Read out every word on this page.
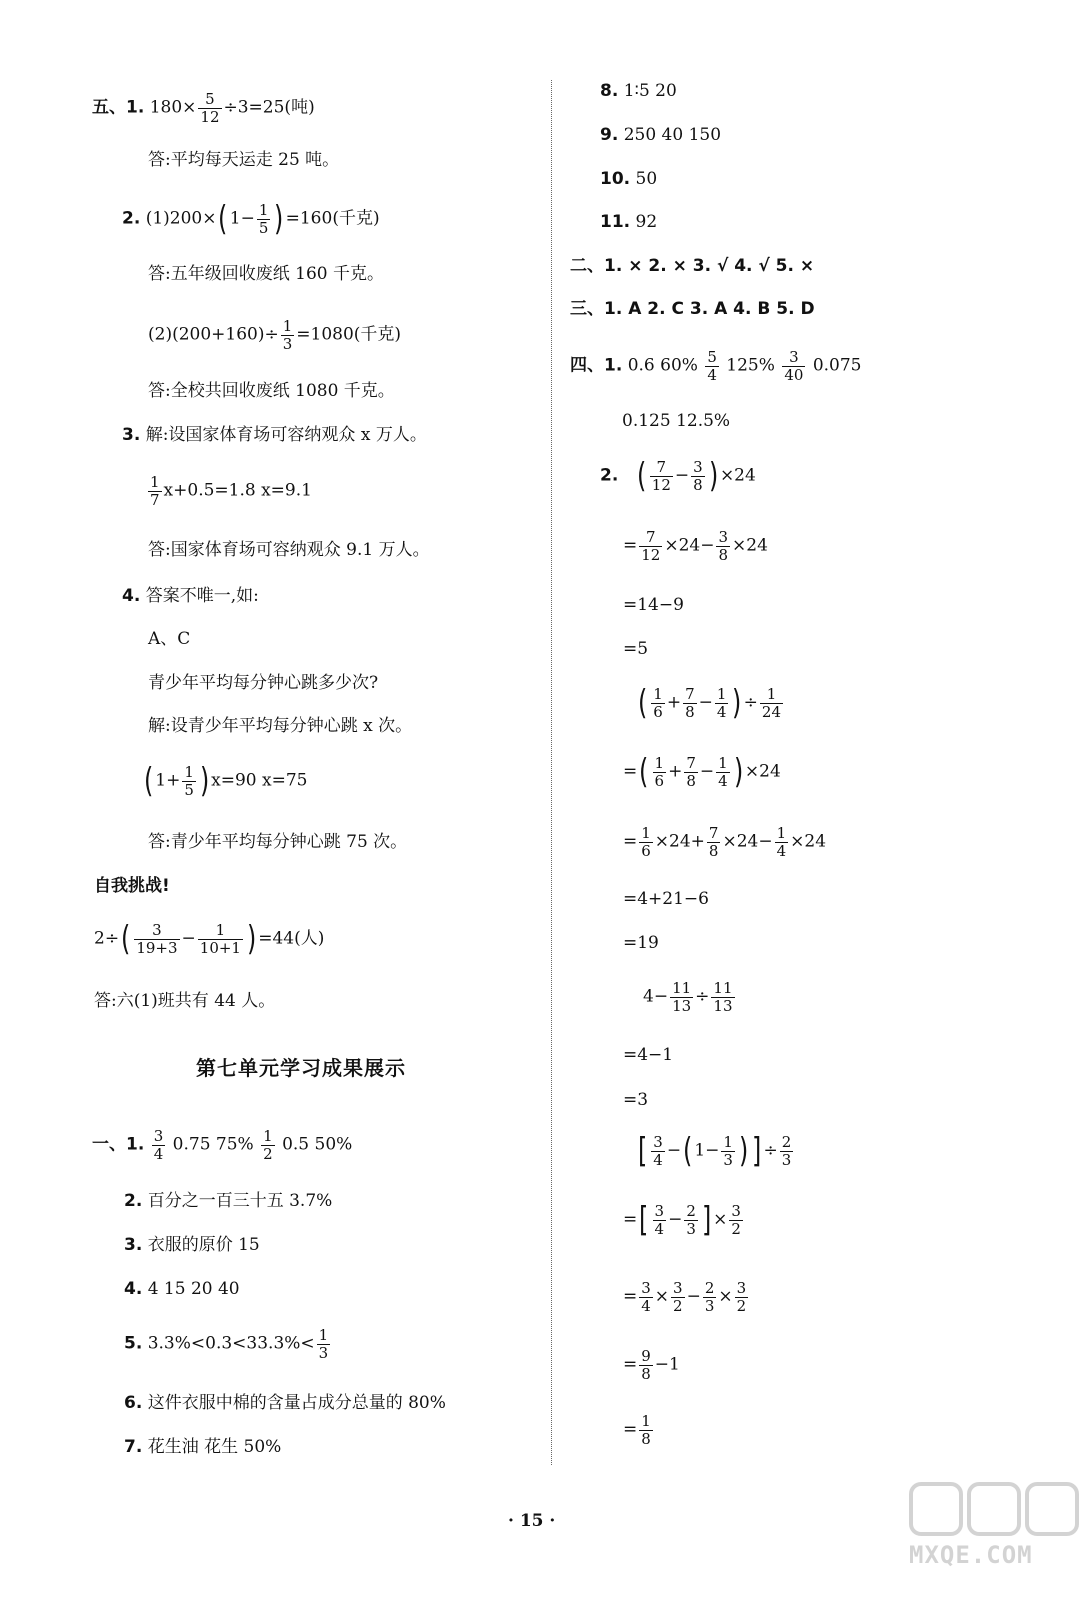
五、1. $180\times \frac{5}{12} \div 3=25$(吨)
答:平均每天运走 25 吨。
2. (1)200×( $1- \frac{1}{5}$ ) =160(千克)
答:五年级回收废纸 160 千克。
$(2)(200+160)\div \frac{1}{3} =1080$(千克)
答:全校共回收废纸 1080 千克。
3. 解:设国家体育场可容纳观众 x 万人。
$\frac{1}{7} x+0.5=1.8$ x=9.1
答:国家体育场可容纳观众 9.1 万人。
4. 答案不唯一,如:
A、C
青少年平均每分钟心跳多少次?
解:设青少年平均每分钟心跳 x 次。
( $1+ \frac{1}{5}$ ) x=90 x=75
答:青少年平均每分钟心跳 75 次。
自我挑战!
$2\div( \frac{3}{19+3} - \frac{1}{10+1}$ ) =44(人)
答:六(1)班共有 44 人。
第七单元学习成果展示
一、1. $\frac{3}{4} 0.75$ $75\% \frac{1}{2} 0.5$ 50%
2. 百分之一百三十五 3.7%
3. 衣服的原价 15
4. 4 15 20 40
5. $3.3\%<0.3<33.3\%< \frac{1}{3}$
6. 这件衣服中棉的含量占成分总量的 80%
7. 花生油 花生 50%
8. 1∶5 20
9. 250 40 150
10. 50
11. 92
二、1. × 2. × 3. √ 4. √ 5. ×
三、1. A 2. C 3. A 4. B 5. D
四、1. 0.6 $60\% \frac{5}{4} 125\% \frac{3}{40} 0.075$
0.125 12.5%
2. ( $\frac{7}{12} - \frac{3}{8}$ ) ×24
= $\frac{7}{12} \times 24- \frac{3}{8} \times 24$
=14−9
=5
( $\frac{1}{6} + \frac{7}{8} - \frac{1}{4}$ ) ÷ $\frac{1}{24}$
=( $\frac{1}{6} + \frac{7}{8} - \frac{1}{4}$ ) ×24
= $\frac{1}{6} \times 24+ \frac{7}{8} \times 24- \frac{1}{4} \times 24$
=4+21−6
=19
$4- \frac{11}{13} \div \frac{11}{13}$
=4−1
=3
[ $\frac{3}{4}$ −( $1- \frac{1}{3}$ ) ] ÷ $\frac{2}{3}$
=[ $\frac{3}{4} - \frac{2}{3}$ ] × $\frac{3}{2}$
= $\frac{3}{4} \times \frac{3}{2} - \frac{2}{3} \times \frac{3}{2}$
= $\frac{9}{8} -1$
= $\frac{1}{8}$
· 15 ·
MXQE.COM
